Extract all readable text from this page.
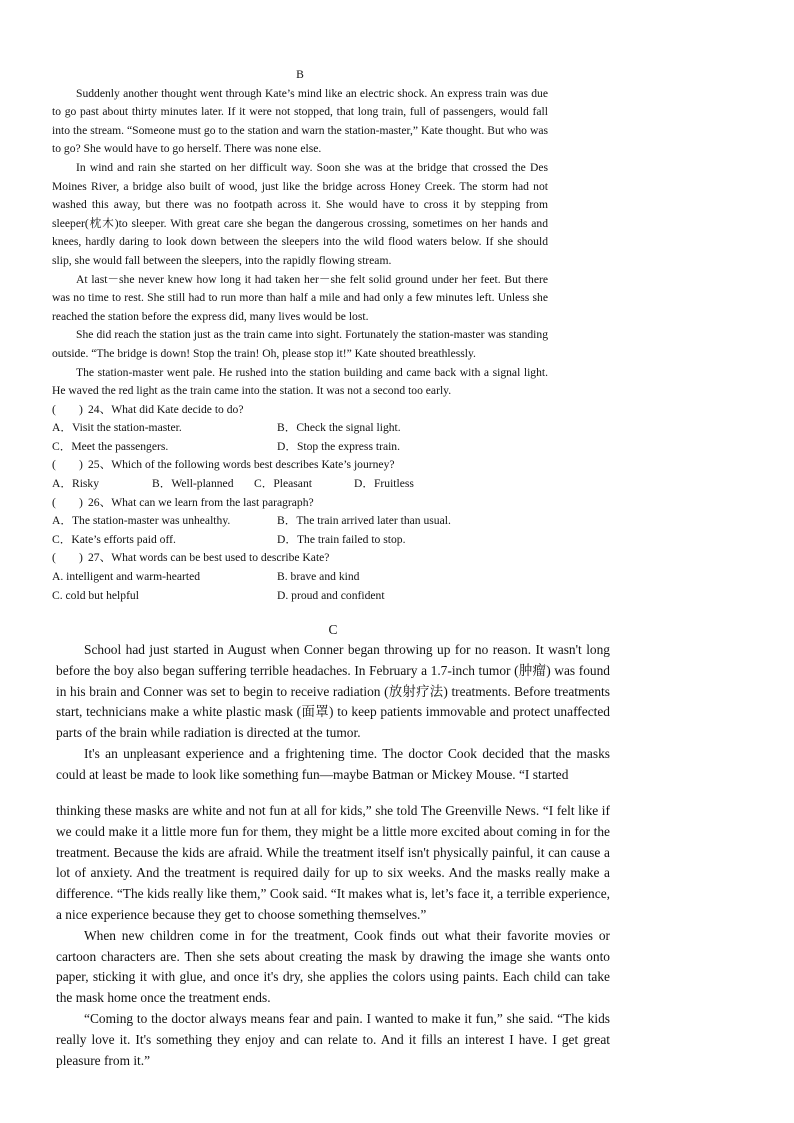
B

Suddenly another thought went through Kate’s mind like an electric shock. An express train was due to go past about thirty minutes later. If it were not stopped, that long train, full of passengers, would fall into the stream. “Someone must go to the station and warn the station-master,” Kate thought. But who was to go? She would have to go herself. There was none else.

In wind and rain she started on her difficult way. Soon she was at the bridge that crossed the Des Moines River, a bridge also built of wood, just like the bridge across Honey Creek. The storm had not washed this away, but there was no footpath across it. She would have to cross it by stepping from sleeper(枕木)to sleeper. With great care she began the dangerous crossing, sometimes on her hands and knees, hardly daring to look down between the sleepers into the wild flood waters below. If she should slip, she would fall between the sleepers, into the rapidly flowing stream.

At last－she never knew how long it had taken her－she felt solid ground under her feet. But there was no time to rest. She still had to run more than half a mile and had only a few minutes left. Unless she reached the station before the express did, many lives would be lost.

She did reach the station just as the train came into sight. Fortunately the station-master was standing outside. “The bridge is down! Stop the train! Oh, please stop it!” Kate shouted breathlessly.

The station-master went pale. He rushed into the station building and came back with a signal light. He waved the red light as the train came into the station. It was not a second too early.

(　　) 24、What did Kate decide to do?

A．Visit the station-master.	B．Check the signal light.
C．Meet the passengers.	D．Stop the express train.

(　　) 25、Which of the following words best describes Kate’s journey?

A．Risky	B．Well-planned	C．Pleasant	D．Fruitless

(　　) 26、What can we learn from the last paragraph?

A．The station-master was unhealthy.	B．The train arrived later than usual.
C．Kate’s efforts paid off.	D．The train failed to stop.

(　　) 27、What words can be best used to describe Kate?

A. intelligent and warm-hearted	B. brave and kind
C. cold but helpful	D. proud and confident
C

School had just started in August when Conner began throwing up for no reason. It wasn't long before the boy also began suffering terrible headaches. In February a 1.7-inch tumor (肿瘤) was found in his brain and Conner was set to begin to receive radiation (放射疗法) treatments. Before treatments start, technicians make a white plastic mask (面罩) to keep patients immovable and protect unaffected parts of the brain while radiation is directed at the tumor.

It's an unpleasant experience and a frightening time. The doctor Cook decided that the masks could at least be made to look like something fun—maybe Batman or Mickey Mouse. “I started

thinking these masks are white and not fun at all for kids,” she told The Greenville News. “I felt like if we could make it a little more fun for them, they might be a little more excited about coming in for the treatment. Because the kids are afraid. While the treatment itself isn't physically painful, it can cause a lot of anxiety. And the treatment is required daily for up to six weeks. And the masks really make a difference. “The kids really like them,” Cook said. “It makes what is, let’s face it, a terrible experience, a nice experience because they get to choose something themselves.”

When new children come in for the treatment, Cook finds out what their favorite movies or cartoon characters are. Then she sets about creating the mask by drawing the image she wants onto paper, sticking it with glue, and once it's dry, she applies the colors using paints. Each child can take the mask home once the treatment ends.

“Coming to the doctor always means fear and pain. I wanted to make it fun,” she said. “The kids really love it. It's something they enjoy and can relate to. And it fills an interest I have. I get great pleasure from it.”
